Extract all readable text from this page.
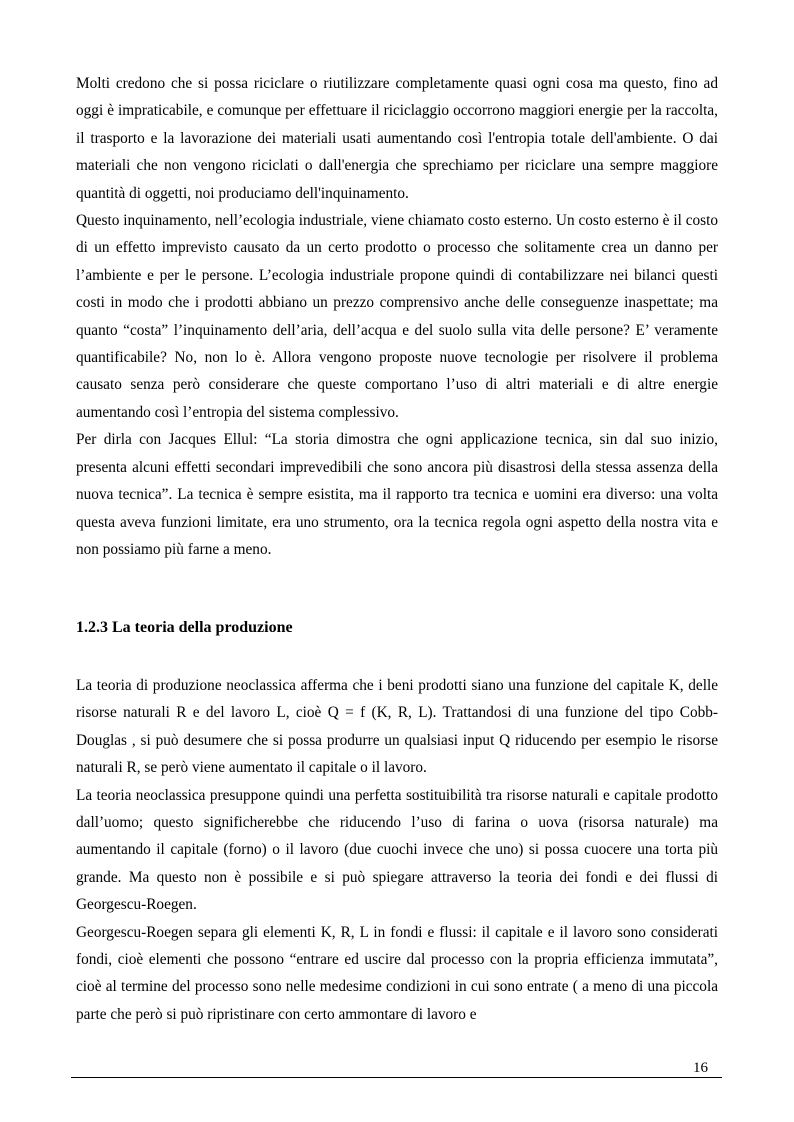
Molti credono che si possa riciclare o riutilizzare completamente quasi ogni cosa ma questo, fino ad oggi è impraticabile, e comunque per effettuare il riciclaggio occorrono maggiori energie per la raccolta, il trasporto e la lavorazione dei materiali usati aumentando così l'entropia totale dell'ambiente. O dai materiali che non vengono riciclati o dall'energia che sprechiamo per riciclare una sempre maggiore quantità di oggetti, noi produciamo dell'inquinamento.

Questo inquinamento, nell’ecologia industriale, viene chiamato costo esterno. Un costo esterno è il costo di un effetto imprevisto causato da un certo prodotto o processo che solitamente crea un danno per l’ambiente e per le persone. L’ecologia industriale propone quindi di contabilizzare nei bilanci questi costi in modo che i prodotti abbiano un prezzo comprensivo anche delle conseguenze inaspettate; ma quanto “costa” l’inquinamento dell’aria, dell’acqua e del suolo sulla vita delle persone? E’ veramente quantificabile? No, non lo è. Allora vengono proposte nuove tecnologie per risolvere il problema causato senza però considerare che queste comportano l’uso di altri materiali e di altre energie aumentando così l’entropia del sistema complessivo.

Per dirla con Jacques Ellul: “La storia dimostra che ogni applicazione tecnica, sin dal suo inizio, presenta alcuni effetti secondari imprevedibili che sono ancora più disastrosi della stessa assenza della nuova tecnica”. La tecnica è sempre esistita, ma il rapporto tra tecnica e uomini era diverso: una volta questa aveva funzioni limitate, era uno strumento, ora la tecnica regola ogni aspetto della nostra vita e non possiamo più farne a meno.

1.2.3 La teoria della produzione

La teoria di produzione neoclassica afferma che i beni prodotti siano una funzione del capitale K, delle risorse naturali R e del lavoro L, cioè Q = f (K, R, L). Trattandosi di una funzione del tipo Cobb-Douglas , si può desumere che si possa produrre un qualsiasi input Q riducendo per esempio le risorse naturali R, se però viene aumentato il capitale o il lavoro.

La teoria neoclassica presuppone quindi una perfetta sostituibilità tra risorse naturali e capitale prodotto dall’uomo; questo significherebbe che riducendo l’uso di farina o uova (risorsa naturale) ma aumentando il capitale (forno) o il lavoro (due cuochi invece che uno) si possa cuocere una torta più grande. Ma questo non è possibile e si può spiegare attraverso la teoria dei fondi e dei flussi di Georgescu-Roegen.

Georgescu-Roegen separa gli elementi K, R, L in fondi e flussi: il capitale e il lavoro sono considerati fondi, cioè elementi che possono “entrare ed uscire dal processo con la propria efficienza immutata”, cioè al termine del processo sono nelle medesime condizioni in cui sono entrate ( a meno di una piccola parte che però si può ripristinare con certo ammontare di lavoro e

16
